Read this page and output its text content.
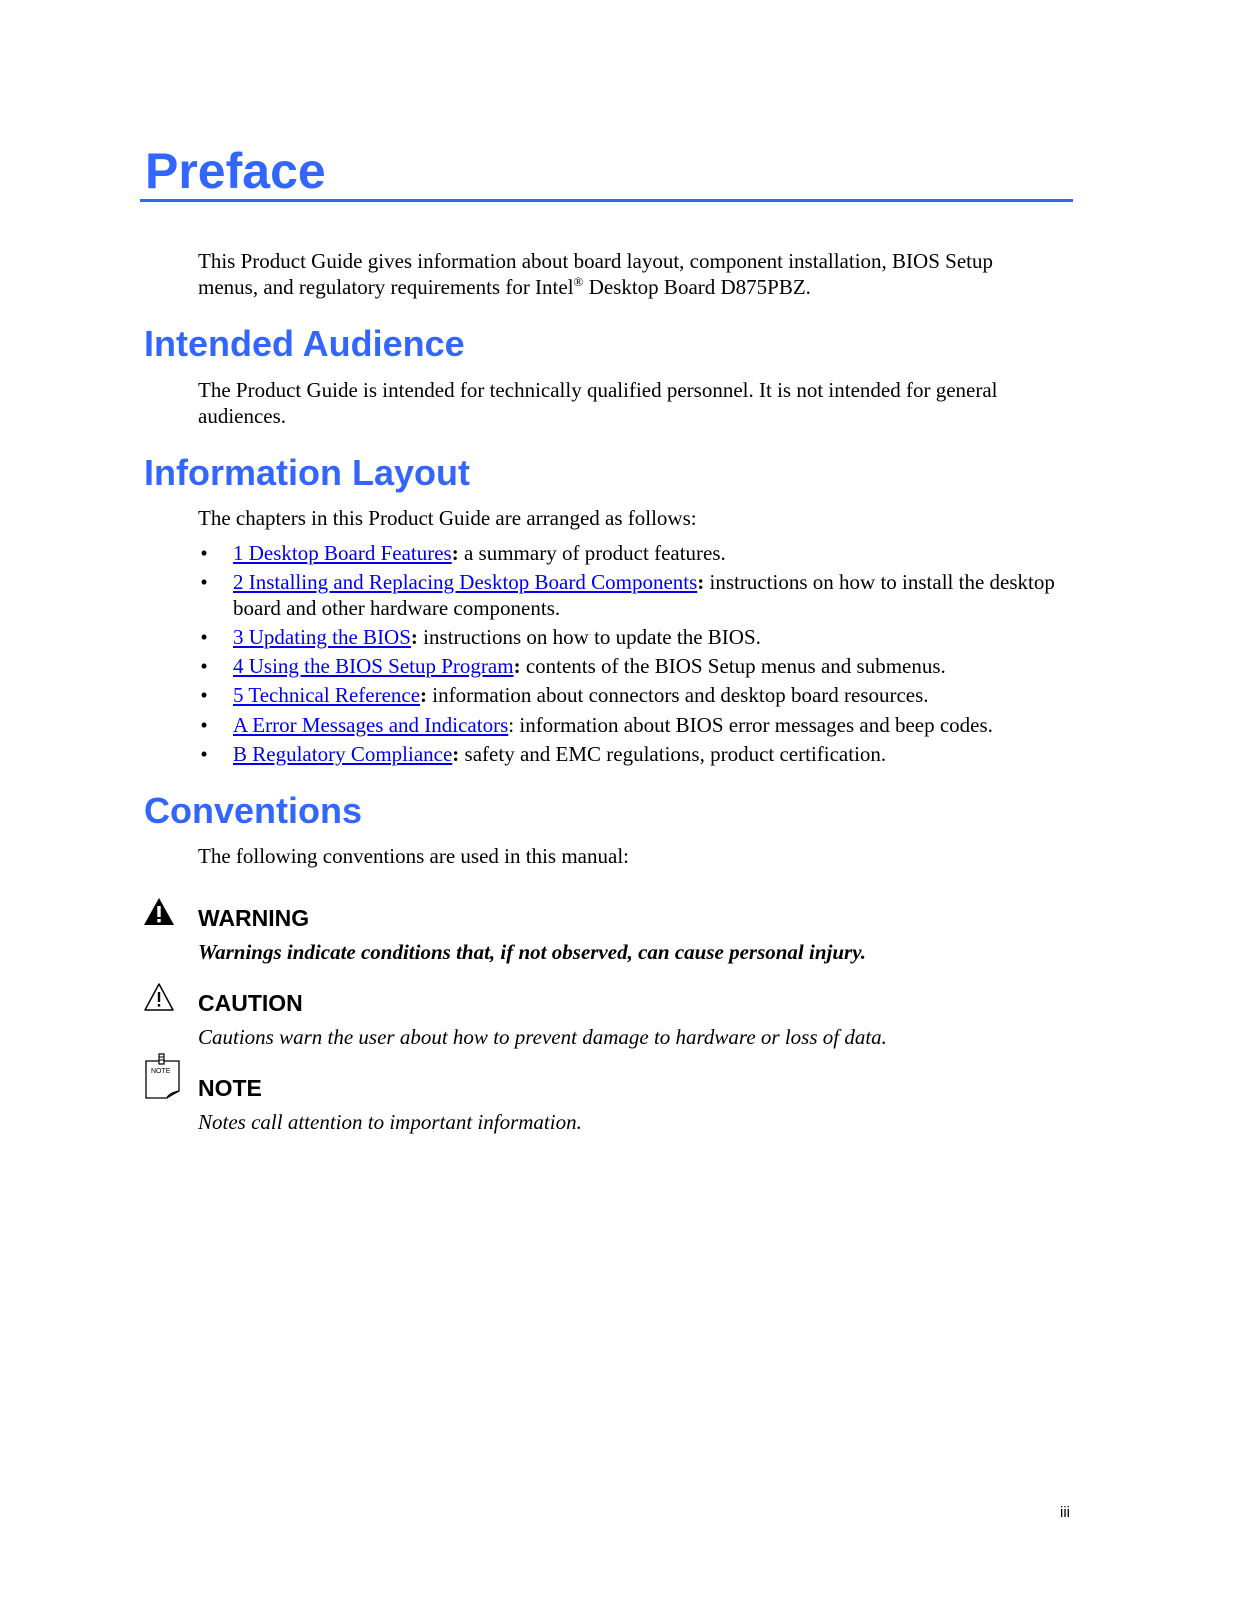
Preface

This Product Guide gives information about board layout, component installation, BIOS Setup menus, and regulatory requirements for Intel® Desktop Board D875PBZ.

Intended Audience

The Product Guide is intended for technically qualified personnel. It is not intended for general audiences.

Information Layout

The chapters in this Product Guide are arranged as follows:

• 1 Desktop Board Features: a summary of product features.
• 2 Installing and Replacing Desktop Board Components: instructions on how to install the desktop board and other hardware components.
• 3 Updating the BIOS: instructions on how to update the BIOS.
• 4 Using the BIOS Setup Program: contents of the BIOS Setup menus and submenus.
• 5 Technical Reference: information about connectors and desktop board resources.
• A Error Messages and Indicators: information about BIOS error messages and beep codes.
• B Regulatory Compliance: safety and EMC regulations, product certification.
Conventions

The following conventions are used in this manual:

WARNING

Warnings indicate conditions that, if not observed, can cause personal injury.

CAUTION

Cautions warn the user about how to prevent damage to hardware or loss of data.

NOTE
NOTE

Notes call attention to important information.

iii
